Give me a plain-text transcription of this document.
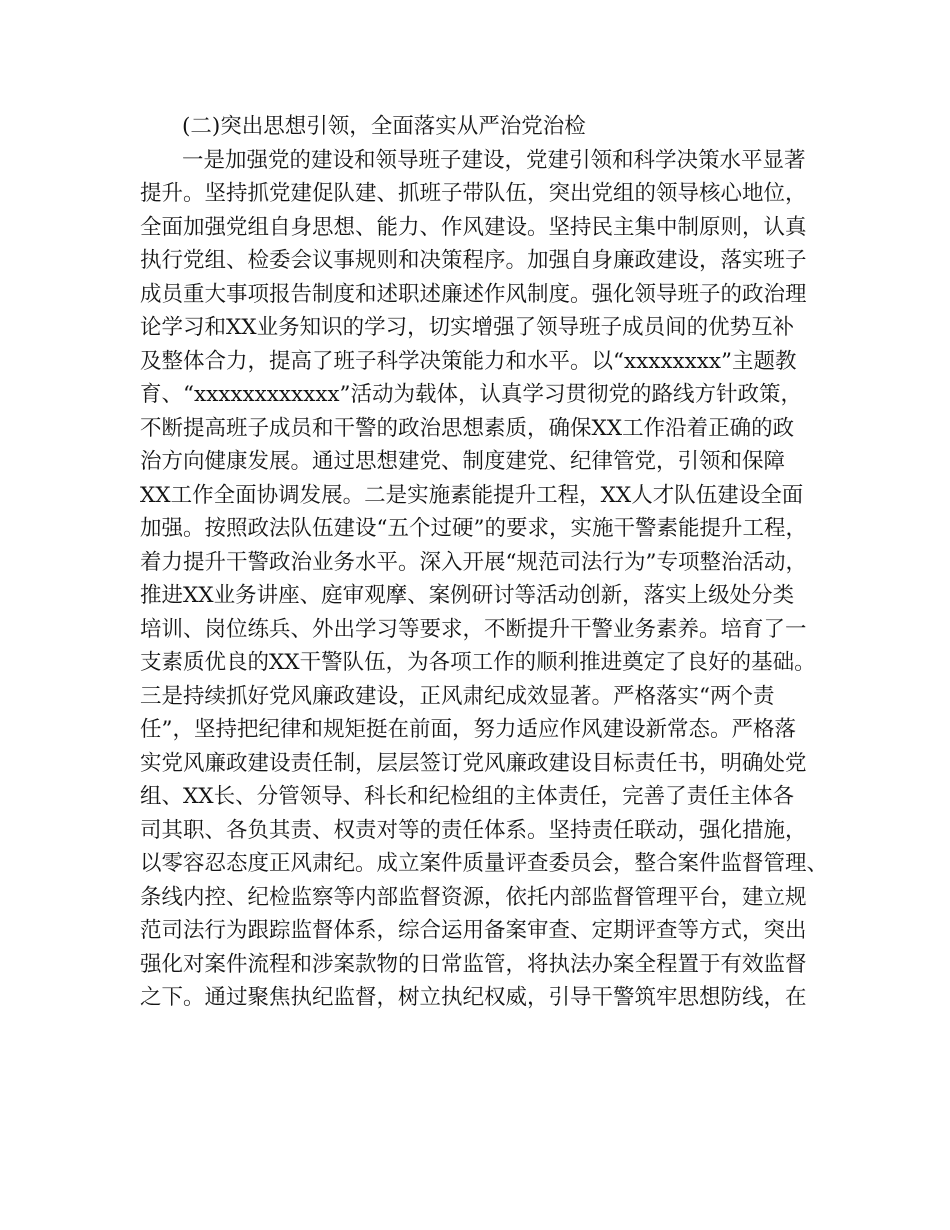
(二)突出思想引领，全面落实从严治党治检
一是加强党的建设和领导班子建设，党建引领和科学决策水平显著
提升。坚持抓党建促队建、抓班子带队伍，突出党组的领导核心地位，
全面加强党组自身思想、能力、作风建设。坚持民主集中制原则，认真
执行党组、检委会议事规则和决策程序。加强自身廉政建设，落实班子
成员重大事项报告制度和述职述廉述作风制度。强化领导班子的政治理
论学习和XX业务知识的学习，切实增强了领导班子成员间的优势互补
及整体合力，提高了班子科学决策能力和水平。以“xxxxxxxx”主题教
育、“xxxxxxxxxxxx”活动为载体，认真学习贯彻党的路线方针政策，
不断提高班子成员和干警的政治思想素质，确保XX工作沿着正确的政
治方向健康发展。通过思想建党、制度建党、纪律管党，引领和保障
XX工作全面协调发展。二是实施素能提升工程，XX人才队伍建设全面
加强。按照政法队伍建设“五个过硬”的要求，实施干警素能提升工程，
着力提升干警政治业务水平。深入开展“规范司法行为”专项整治活动，
推进XX业务讲座、庭审观摩、案例研讨等活动创新，落实上级处分类
培训、岗位练兵、外出学习等要求，不断提升干警业务素养。培育了一
支素质优良的XX干警队伍，为各项工作的顺利推进奠定了良好的基础。
三是持续抓好党风廉政建设，正风肃纪成效显著。严格落实“两个责
任”，坚持把纪律和规矩挺在前面，努力适应作风建设新常态。严格落
实党风廉政建设责任制，层层签订党风廉政建设目标责任书，明确处党
组、XX长、分管领导、科长和纪检组的主体责任，完善了责任主体各
司其职、各负其责、权责对等的责任体系。坚持责任联动，强化措施，
以零容忍态度正风肃纪。成立案件质量评查委员会，整合案件监督管理、
条线内控、纪检监察等内部监督资源，依托内部监督管理平台，建立规
范司法行为跟踪监督体系，综合运用备案审查、定期评查等方式，突出
强化对案件流程和涉案款物的日常监管，将执法办案全程置于有效监督
之下。通过聚焦执纪监督，树立执纪权威，引导干警筑牢思想防线，在
